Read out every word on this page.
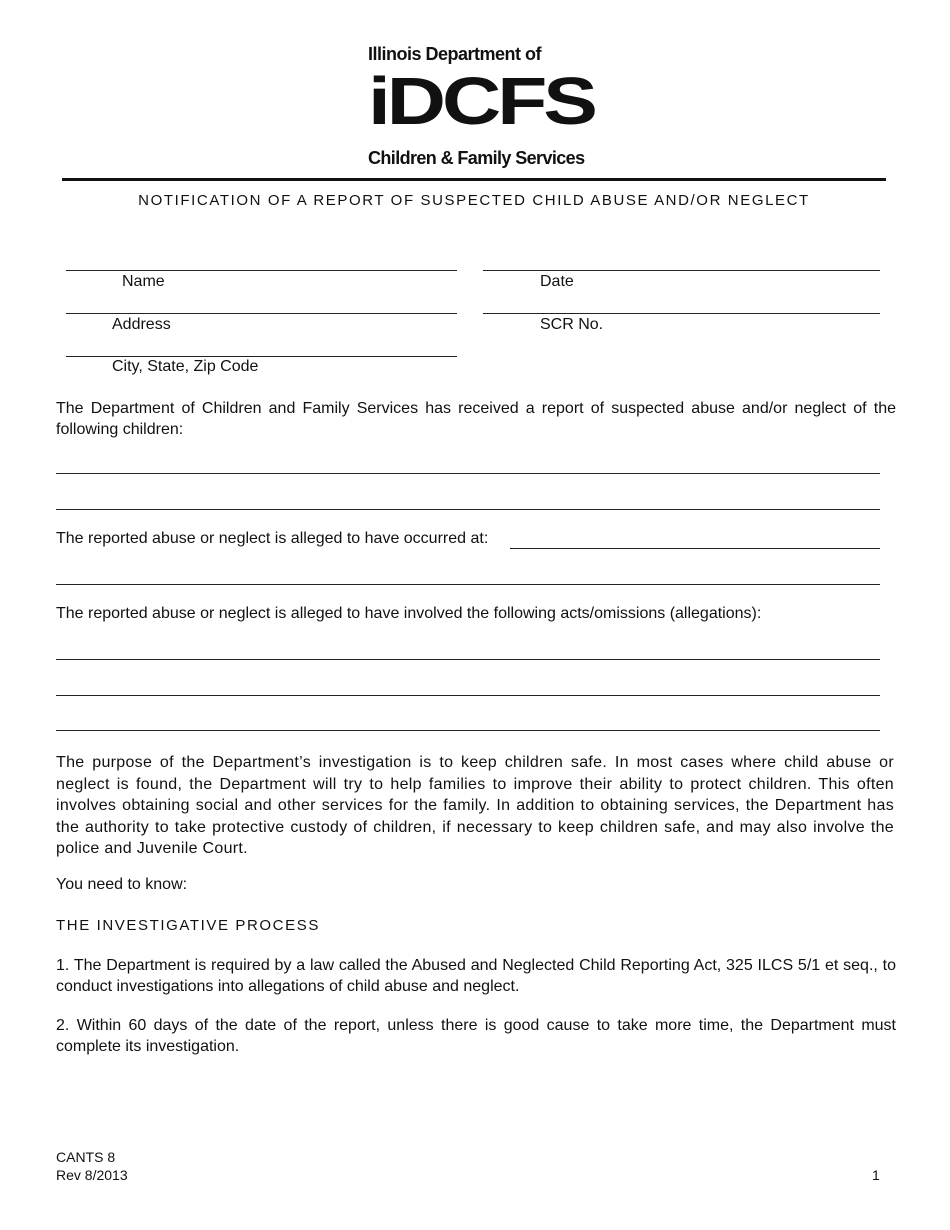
Illinois Department of
iDCFS
Children & Family Services
NOTIFICATION OF A REPORT OF SUSPECTED CHILD ABUSE AND/OR NEGLECT
Name	Date
Address	SCR No.
City, State, Zip Code
The Department of Children and Family Services has received a report of suspected abuse and/or neglect of the following children:
The reported abuse or neglect is alleged to have occurred at:
The reported abuse or neglect is alleged to have involved the following acts/omissions (allegations):
The purpose of the Department’s investigation is to keep children safe. In most cases where child abuse or neglect is found, the Department will try to help families to improve their ability to protect children. This often involves obtaining social and other services for the family. In addition to obtaining services, the Department has the authority to take protective custody of children, if necessary to keep children safe, and may also involve the police and Juvenile Court.
You need to know:
THE INVESTIGATIVE PROCESS
1. The Department is required by a law called the Abused and Neglected Child Reporting Act, 325 ILCS 5/1 et seq., to conduct investigations into allegations of child abuse and neglect.
2. Within 60 days of the date of the report, unless there is good cause to take more time, the Department must complete its investigation.
CANTS 8
Rev 8/2013	1
